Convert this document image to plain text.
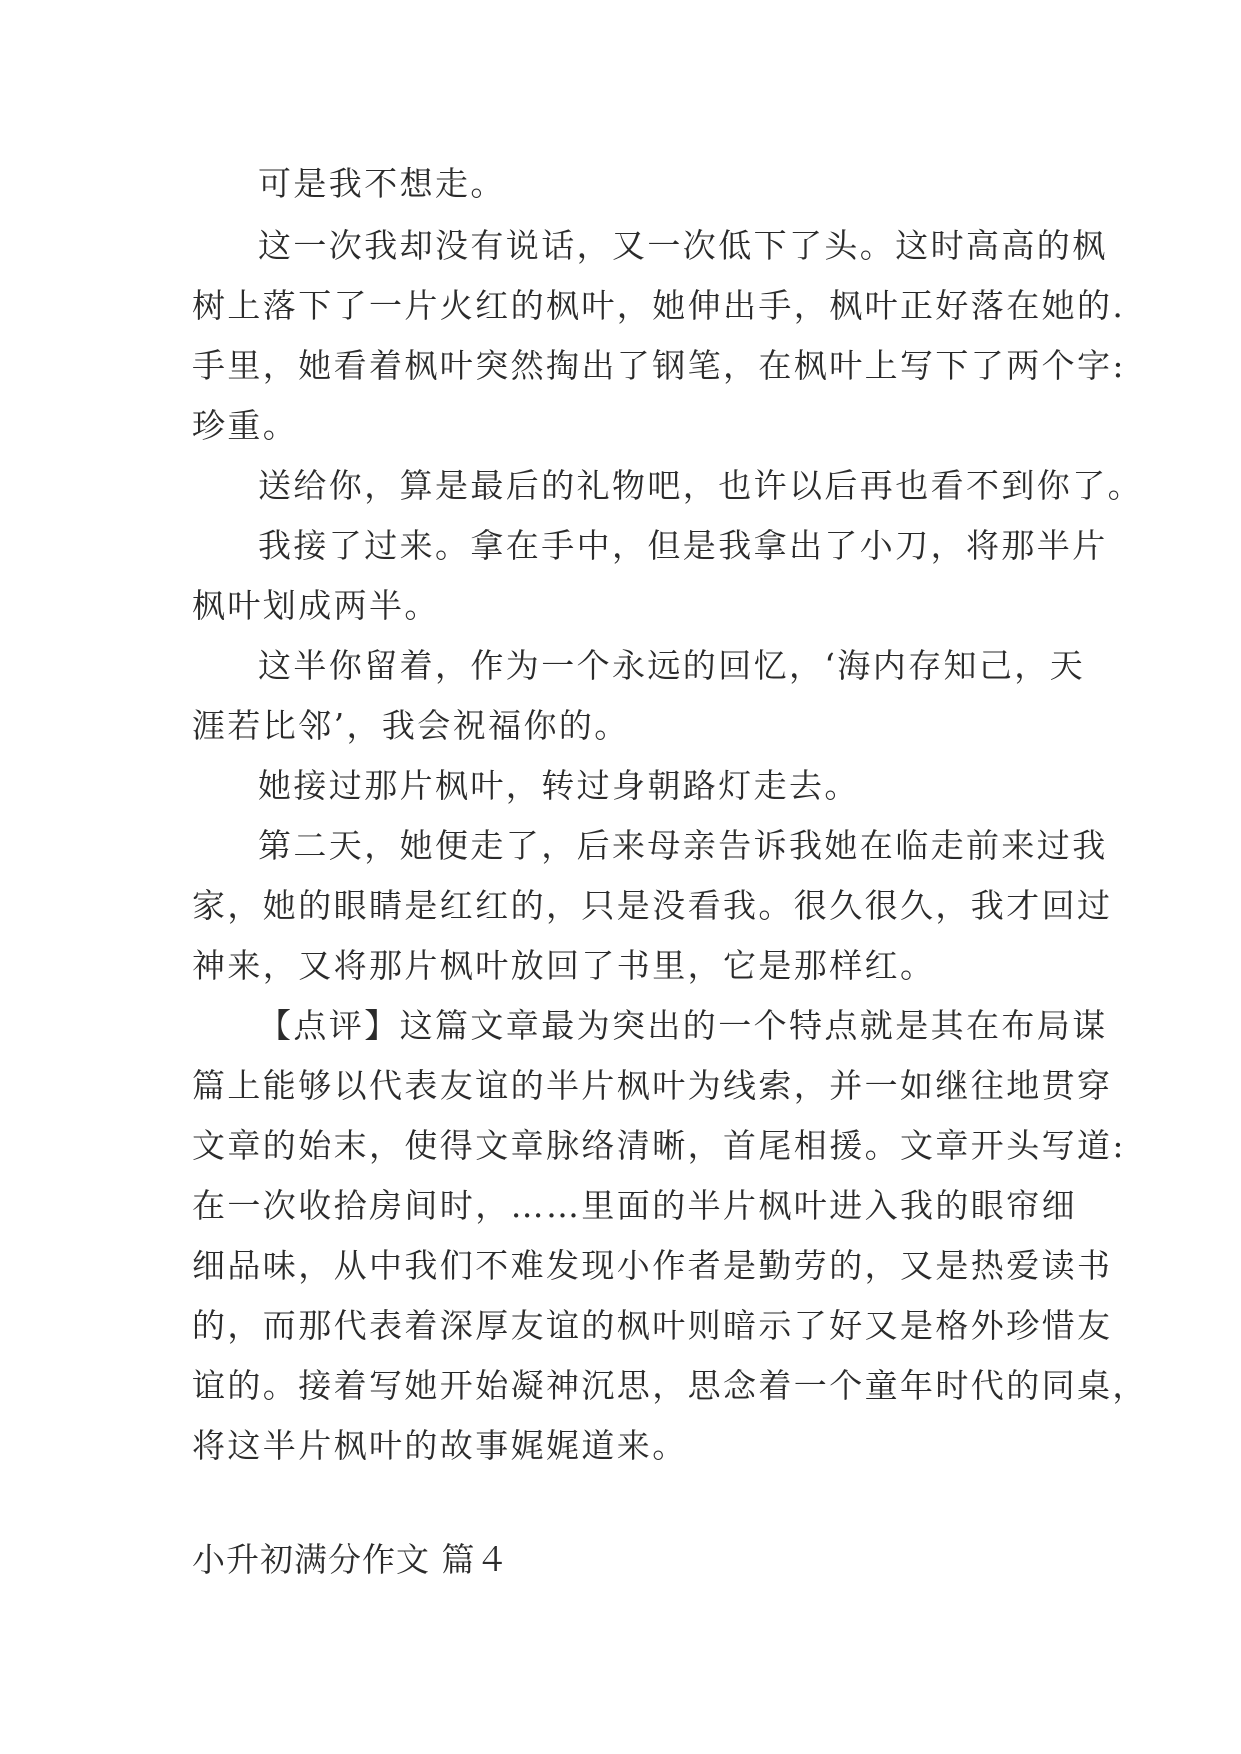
可是我不想走。
这一次我却没有说话，又一次低下了头。这时高高的枫
树上落下了一片火红的枫叶，她伸出手，枫叶正好落在她的.
手里，她看着枫叶突然掏出了钢笔，在枫叶上写下了两个字:
珍重。
送给你，算是最后的礼物吧，也许以后再也看不到你了。
我接了过来。拿在手中，但是我拿出了小刀，将那半片
枫叶划成两半。
这半你留着，作为一个永远的回忆，‘海内存知己，天
涯若比邻’，我会祝福你的。
她接过那片枫叶，转过身朝路灯走去。
第二天，她便走了，后来母亲告诉我她在临走前来过我
家，她的眼睛是红红的，只是没看我。很久很久，我才回过
神来，又将那片枫叶放回了书里，它是那样红。
【点评】这篇文章最为突出的一个特点就是其在布局谋
篇上能够以代表友谊的半片枫叶为线索，并一如继往地贯穿
文章的始末，使得文章脉络清晰，首尾相援。文章开头写道:
在一次收拾房间时，……里面的半片枫叶进入我的眼帘细
细品味，从中我们不难发现小作者是勤劳的，又是热爱读书
的，而那代表着深厚友谊的枫叶则暗示了好又是格外珍惜友
谊的。接着写她开始凝神沉思，思念着一个童年时代的同桌，
将这半片枫叶的故事娓娓道来。
小升初满分作文 篇４
